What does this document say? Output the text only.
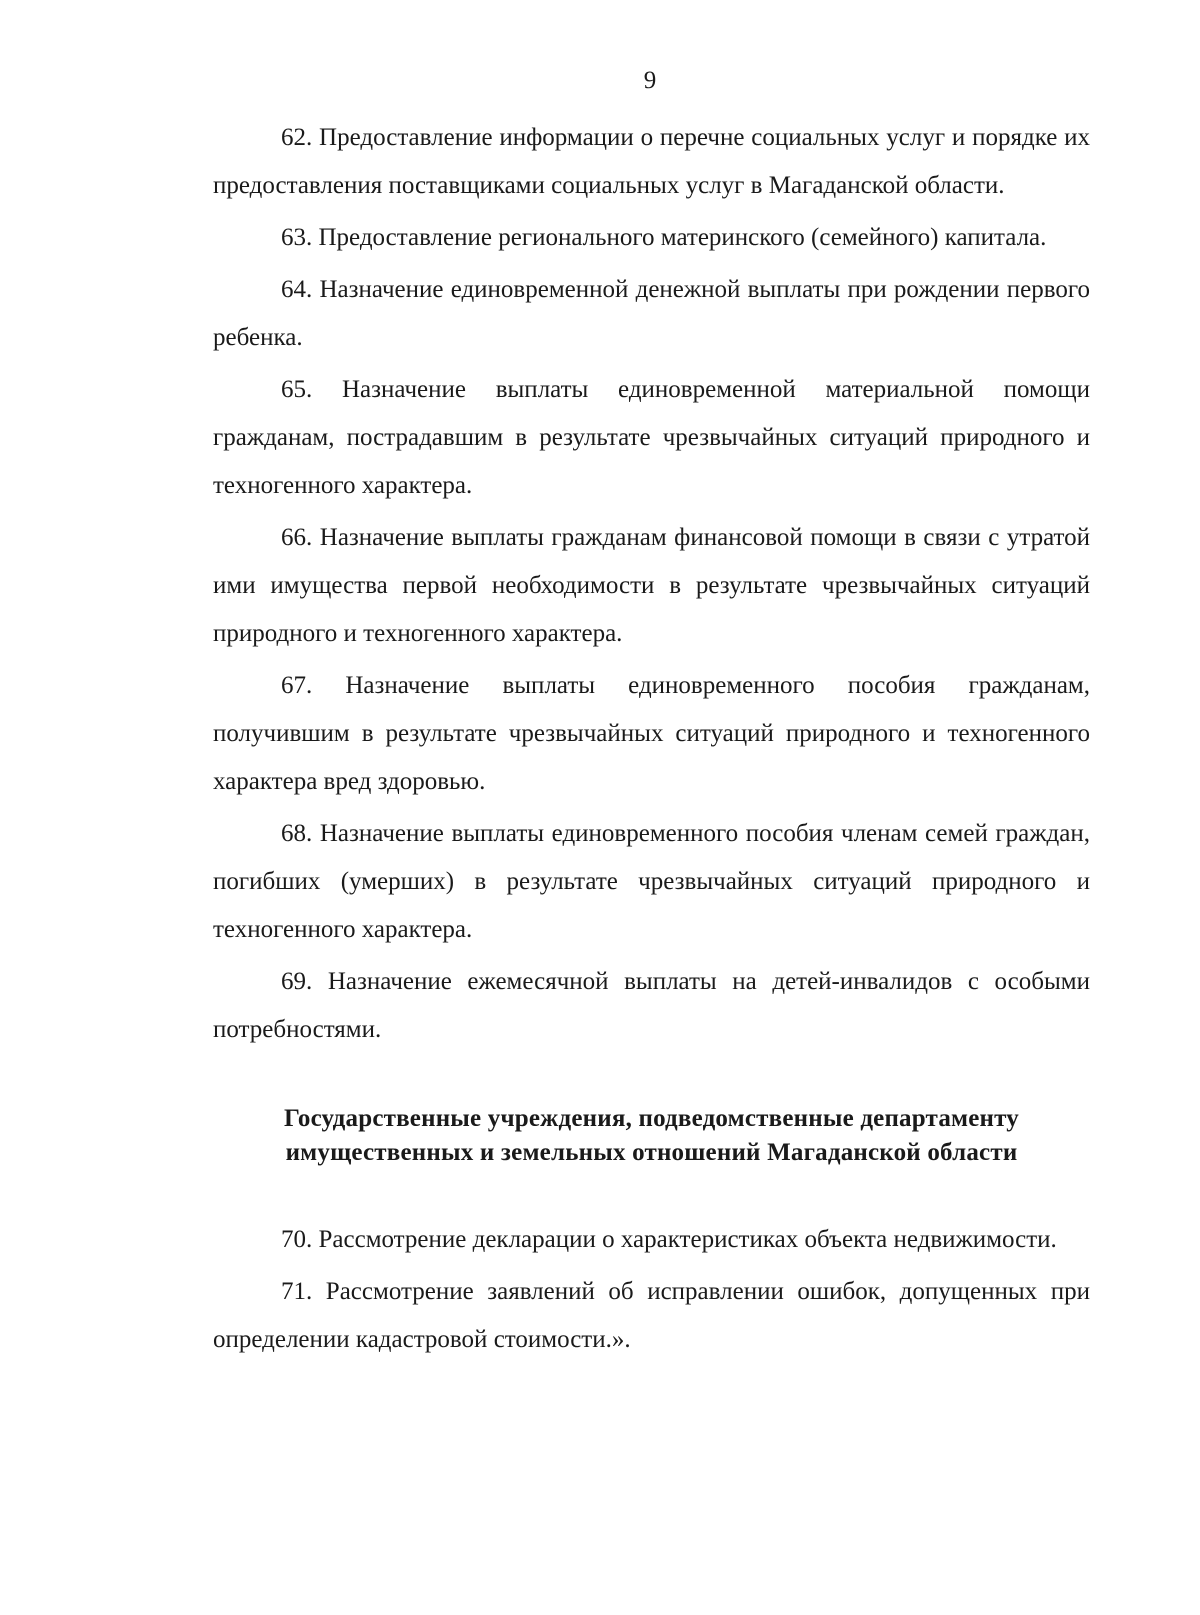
9

62. Предоставление информации о перечне социальных услуг и порядке их предоставления поставщиками социальных услуг в Магаданской области.

63. Предоставление регионального материнского (семейного) капитала.

64. Назначение единовременной денежной выплаты при рождении первого ребенка.

65. Назначение выплаты единовременной материальной помощи гражданам, пострадавшим в результате чрезвычайных ситуаций природного и техногенного характера.

66. Назначение выплаты гражданам финансовой помощи в связи с утратой ими имущества первой необходимости в результате чрезвычайных ситуаций природного и техногенного характера.

67. Назначение выплаты единовременного пособия гражданам, получившим в результате чрезвычайных ситуаций природного и техногенного характера вред здоровью.

68. Назначение выплаты единовременного пособия членам семей граждан, погибших (умерших) в результате чрезвычайных ситуаций природного и техногенного характера.

69. Назначение ежемесячной выплаты на детей-инвалидов с особыми потребностями.

Государственные учреждения, подведомственные департаменту
имущественных и земельных отношений Магаданской области

70. Рассмотрение декларации о характеристиках объекта недвижимости.

71. Рассмотрение заявлений об исправлении ошибок, допущенных при определении кадастровой стоимости.».
